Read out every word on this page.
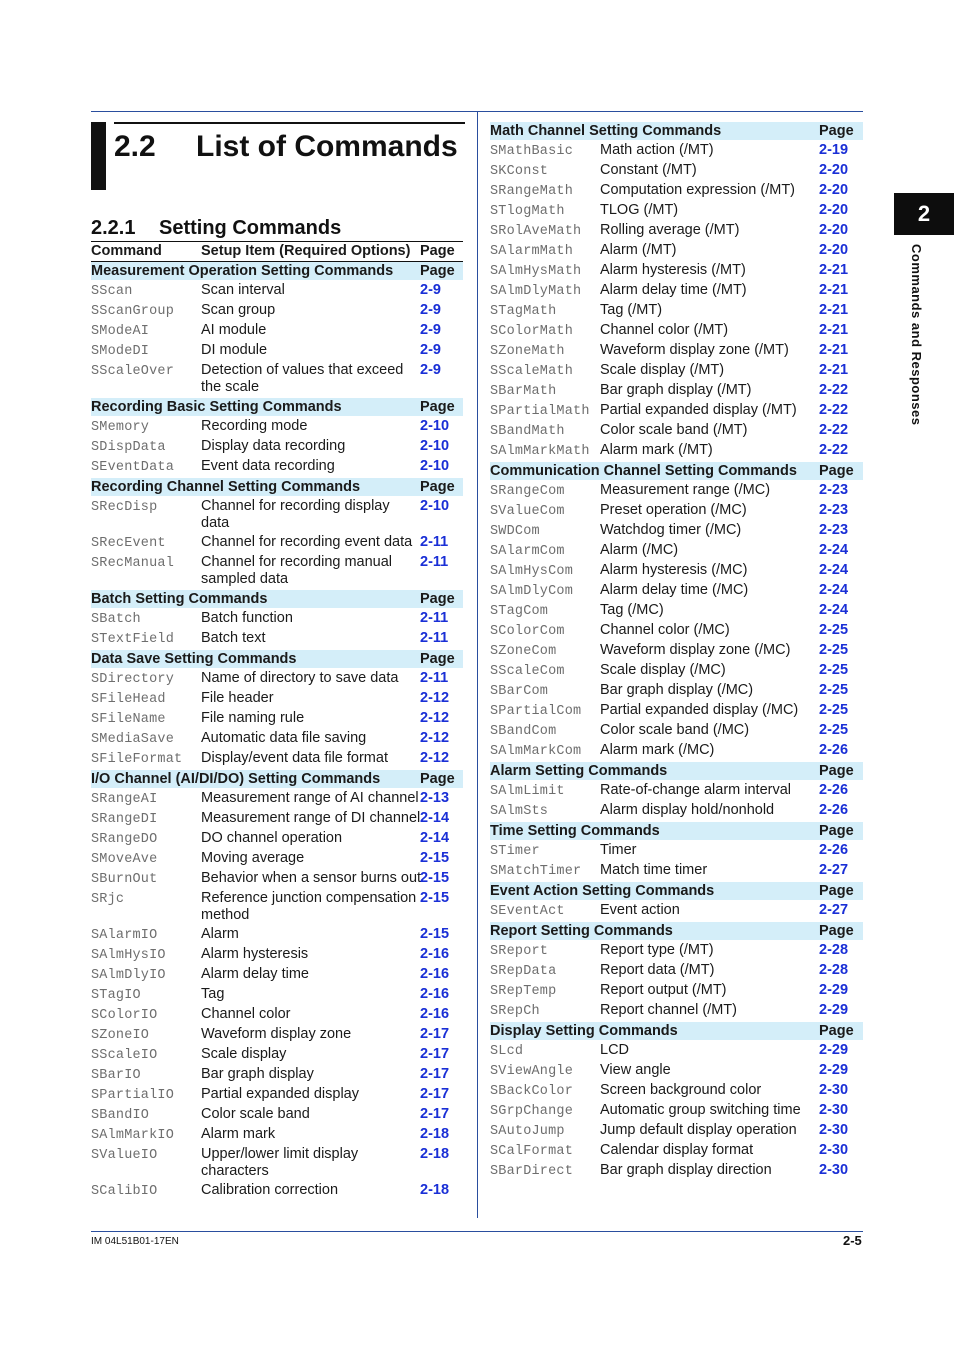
2.2 List of Commands
2.2.1 Setting Commands
Command	Setup Item (Required Options) Page
Measurement Operation Setting Commands Page
SScan	Scan interval	2-9
SScanGroup Scan group	2-9
SModeAI	AI module	2-9
SModeDI	DI module	2-9
SScaleOver Detection of values that exceed
the scale
2-9
Recording Basic Setting Commands	Page
SMemory	Recording mode	2-10
SDispData Display data recording	2-10
SEventData Event data recording	2-10
Recording Channel Setting Commands	Page
SRecDisp	Channel for recording display
data
2-10
SRecEvent Channel for recording event data 2-11
SRecManual Channel for recording manual
sampled data
2-11
Batch Setting Commands	Page
SBatch	Batch function	2-11
STextField Batch text	2-11
Data Save Setting Commands	Page
SDirectory Name of directory to save data 2-11
SFileHead File header	2-12
SFileName File naming rule	2-12
SMediaSave Automatic data file saving	2-12
SFileFormat Display/event data file format 2-12
I/O Channel (AI/DI/DO) Setting Commands	Page
SRangeAI	Measurement range of AI channel 2-13
SRangeDI	Measurement range of DI channel 2-14
SRangeDO	DO channel operation	2-14
SMoveAve	Moving average	2-15
SBurnOut	Behavior when a sensor burns out
2-15
SRjc	Reference junction compensation
method
2-15
SAlarmIO	Alarm	2-15
SAlmHysIO Alarm hysteresis	2-16
SAlmDlyIO Alarm delay time	2-16
STagIO	Tag	2-16
SColorIO	Channel color	2-16
SZoneIO	Waveform display zone	2-17
SScaleIO	Scale display	2-17
SBarIO	Bar graph display	2-17
SPartialIO Partial expanded display	2-17
SBandIO	Color scale band	2-17
SAlmMarkIO Alarm mark	2-18
SValueIO	Upper/lower limit display
characters
2-18
SCalibIO	Calibration correction	2-18
Math Channel Setting Commands	Page
SMathBasic Math action (/MT)	2-19
SKConst	Constant (/MT)	2-20
SRangeMath Computation expression (/MT) 2-20
STlogMath TLOG (/MT)	2-20
SRolAveMath Rolling average (/MT)	2-20
SAlarmMath Alarm (/MT)	2-20
SAlmHysMath Alarm hysteresis (/MT)	2-21
SAlmDlyMath Alarm delay time (/MT)	2-21
STagMath	Tag (/MT)	2-21
SColorMath Channel color (/MT)	2-21
SZoneMath Waveform display zone (/MT) 2-21
SScaleMath Scale display (/MT)	2-21
SBarMath	Bar graph display (/MT)	2-22
SPartialMath Partial expanded display (/MT) 2-22
SBandMath Color scale band (/MT)	2-22
SAlmMarkMath Alarm mark (/MT)	2-22
Communication Channel Setting Commands Page
SRangeCom Measurement range (/MC)	2-23
SValueCom Preset operation (/MC)	2-23
SWDCom	Watchdog timer (/MC)	2-23
SAlarmCom Alarm (/MC)	2-24
SAlmHysCom Alarm hysteresis (/MC)	2-24
SAlmDlyCom Alarm delay time (/MC)	2-24
STagCom	Tag (/MC)	2-24
SColorCom Channel color (/MC)	2-25
SZoneCom	Waveform display zone (/MC) 2-25
SScaleCom Scale display (/MC)	2-25
SBarCom	Bar graph display (/MC)	2-25
SPartialCom Partial expanded display (/MC) 2-25
SBandCom	Color scale band (/MC)	2-25
SAlmMarkCom Alarm mark (/MC)	2-26
Alarm Setting Commands	Page
SAlmLimit Rate-of-change alarm interval 2-26
SAlmSts	Alarm display hold/nonhold	2-26
Time Setting Commands	Page
STimer	Timer	2-26
SMatchTimer Match time timer	2-27
Event Action Setting Commands	Page
SEventAct Event action	2-27
Report Setting Commands	Page
SReport	Report type (/MT)	2-28
SRepData	Report data (/MT)	2-28
SRepTemp	Report output (/MT)	2-29
SRepCh	Report channel (/MT)	2-29
Display Setting Commands	Page
SLcd	LCD	2-29
SViewAngle View angle	2-29
SBackColor Screen background color	2-30
SGrpChange Automatic group switching time 2-30
SAutoJump Jump default display operation 2-30
SCalFormat Calendar display format	2-30
SBarDirect Bar graph display direction	2-30
2
Commands and Responses
IM 04L51B01-17EN	2-5
